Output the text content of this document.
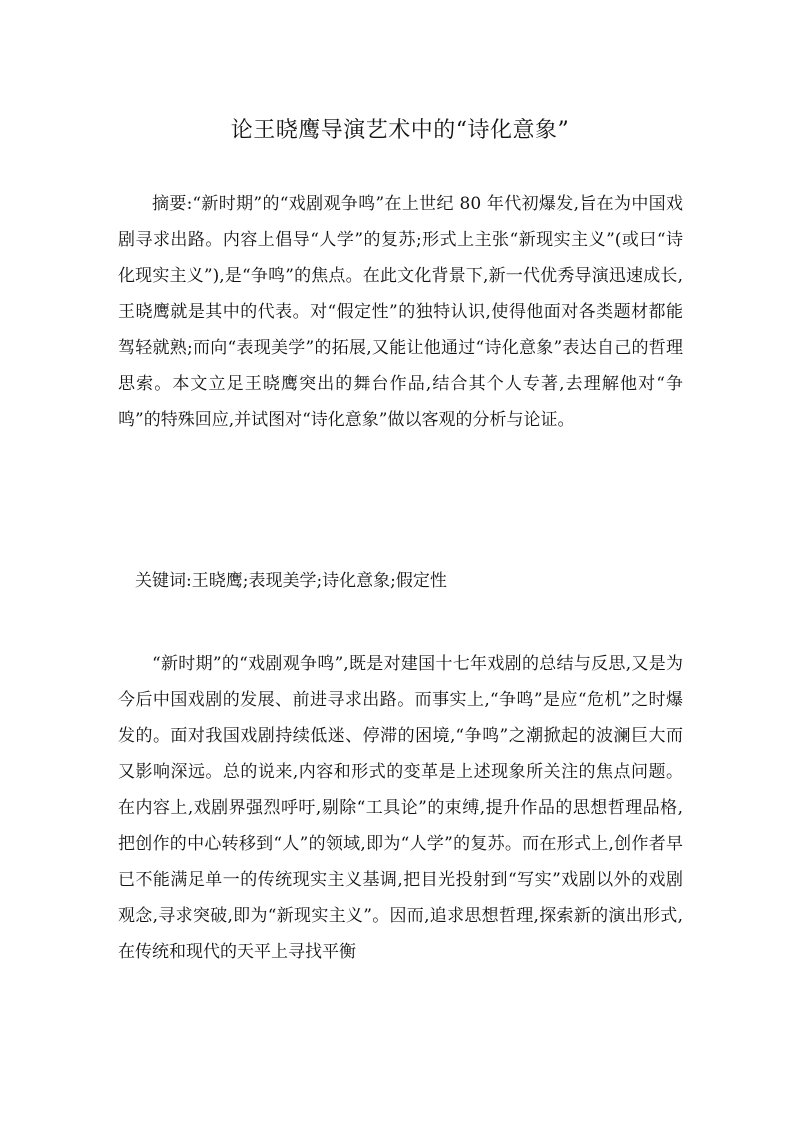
论王晓鹰导演艺术中的“诗化意象”

摘要:“新时期”的“戏剧观争鸣”在上世纪 80 年代初爆发,旨在为中国戏剧寻求出路。内容上倡导“人学”的复苏;形式上主张“新现实主义”(或曰“诗化现实主义”),是“争鸣”的焦点。在此文化背景下,新一代优秀导演迅速成长,王晓鹰就是其中的代表。对“假定性”的独特认识,使得他面对各类题材都能驾轻就熟;而向“表现美学”的拓展,又能让他通过“诗化意象”表达自己的哲理思索。本文立足王晓鹰突出的舞台作品,结合其个人专著,去理解他对“争鸣”的特殊回应,并试图对“诗化意象”做以客观的分析与论证。

关键词:王晓鹰;表现美学;诗化意象;假定性

“新时期”的“戏剧观争鸣”,既是对建国十七年戏剧的总结与反思,又是为今后中国戏剧的发展、前进寻求出路。而事实上,“争鸣”是应“危机”之时爆发的。面对我国戏剧持续低迷、停滞的困境,“争鸣”之潮掀起的波澜巨大而又影响深远。总的说来,内容和形式的变革是上述现象所关注的焦点问题。在内容上,戏剧界强烈呼吁,剔除“工具论”的束缚,提升作品的思想哲理品格,把创作的中心转移到“人”的领域,即为“人学”的复苏。而在形式上,创作者早已不能满足单一的传统现实主义基调,把目光投射到“写实”戏剧以外的戏剧观念,寻求突破,即为“新现实主义”。因而,追求思想哲理,探索新的演出形式,在传统和现代的天平上寻找平衡
